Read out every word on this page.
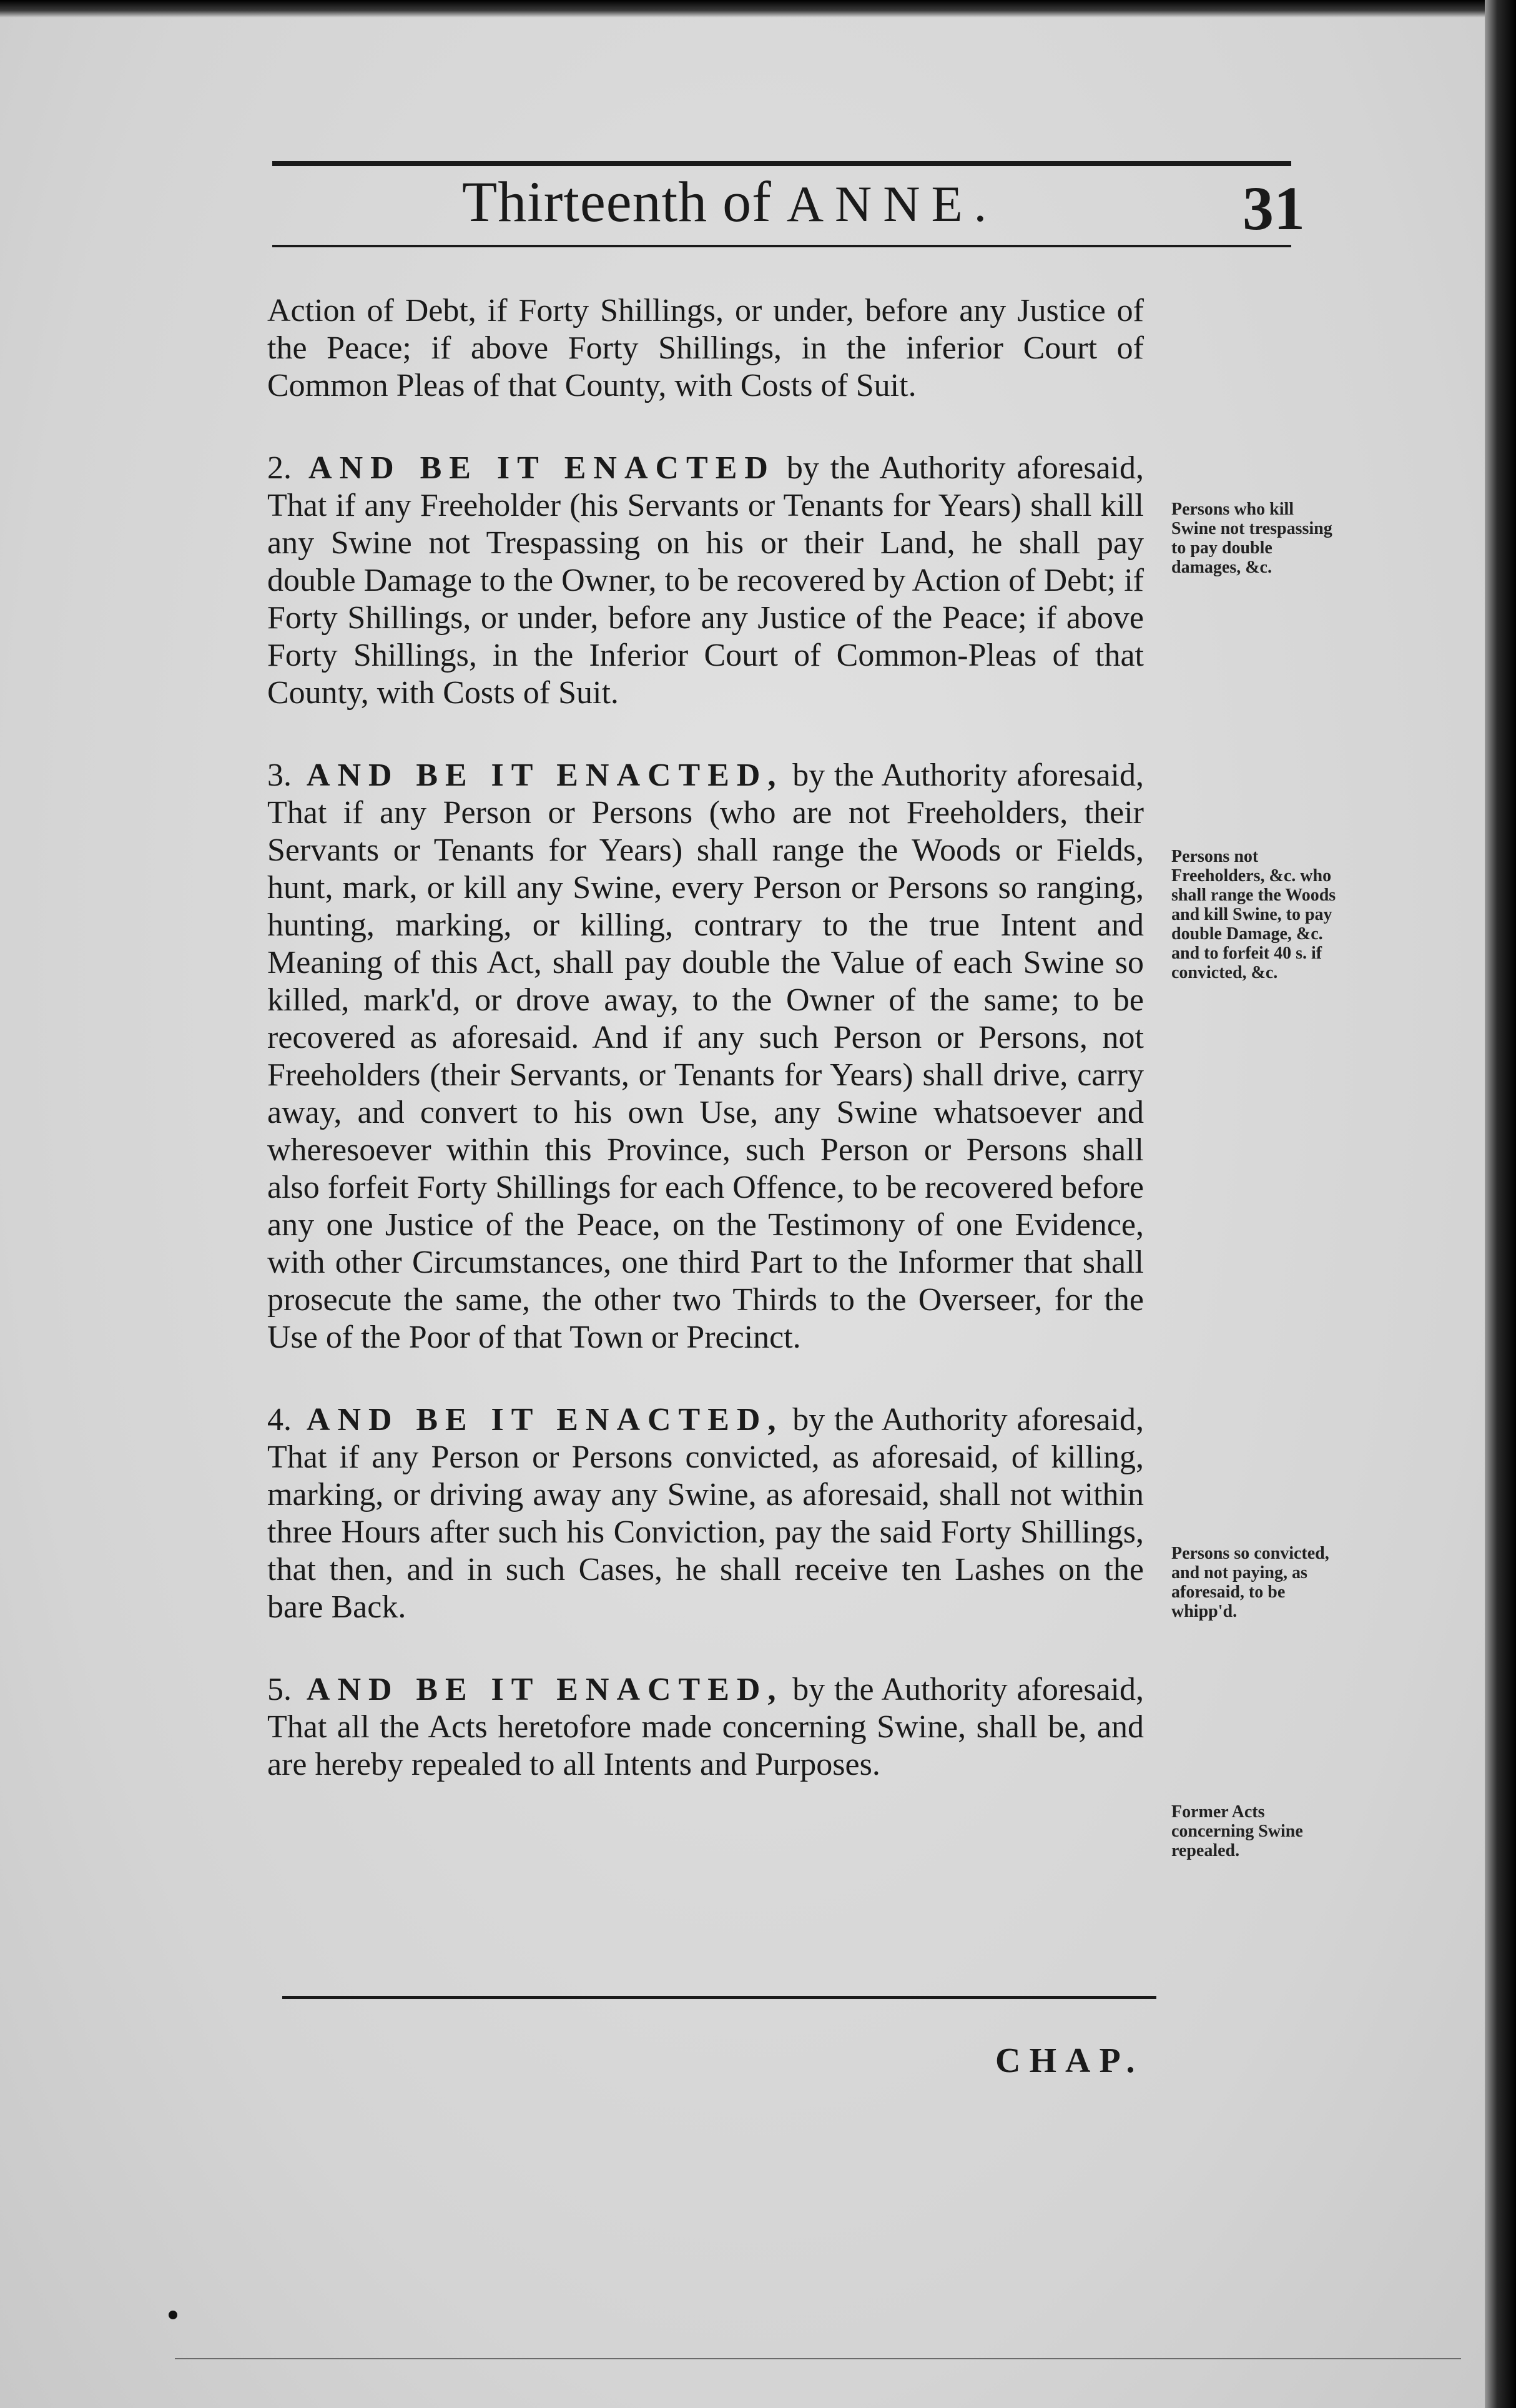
Thirteenth of ANNE.	31

Action of Debt, if Forty Shillings, or under, before any Justice of the Peace; if above Forty Shillings, in the inferior Court of Common Pleas of that County, with Costs of Suit.

2. AND BE IT ENACTED by the Authority aforesaid, That if any Freeholder (his Servants or Tenants for Years) shall kill any Swine not Trespassing on his or their Land, he shall pay double Damage to the Owner, to be recovered by Action of Debt; if Forty Shillings, or under, before any Justice of the Peace; if above Forty Shillings, in the Inferior Court of Common-Pleas of that County, with Costs of Suit.

3. AND BE IT ENACTED, by the Authority aforesaid, That if any Person or Persons (who are not Freeholders, their Servants or Tenants for Years) shall range the Woods or Fields, hunt, mark, or kill any Swine, every Person or Persons so ranging, hunting, marking, or killing, contrary to the true Intent and Meaning of this Act, shall pay double the Value of each Swine so killed, mark'd, or drove away, to the Owner of the same; to be recovered as aforesaid. And if any such Person or Persons, not Freeholders (their Servants, or Tenants for Years) shall drive, carry away, and convert to his own Use, any Swine whatsoever and wheresoever within this Province, such Person or Persons shall also forfeit Forty Shillings for each Offence, to be recovered before any one Justice of the Peace, on the Testimony of one Evidence, with other Circumstances, one third Part to the Informer that shall prosecute the same, the other two Thirds to the Overseer, for the Use of the Poor of that Town or Precinct.

4. AND BE IT ENACTED, by the Authority aforesaid, That if any Person or Persons convicted, as aforesaid, of killing, marking, or driving away any Swine, as aforesaid, shall not within three Hours after such his Conviction, pay the said Forty Shillings, that then, and in such Cases, he shall receive ten Lashes on the bare Back.

5. AND BE IT ENACTED, by the Authority aforesaid, That all the Acts heretofore made concerning Swine, shall be, and are hereby repealed to all Intents and Purposes.

Persons who kill Swine not trespassing to pay double damages, &c.
Persons not Freeholders, &c. who shall range the Woods and kill Swine, to pay double Damage, &c. and to forfeit 40 s. if convicted, &c.
Persons so convicted, and not paying, as aforesaid, to be whipp'd.
Former Acts concerning Swine repealed.
CHAP.
